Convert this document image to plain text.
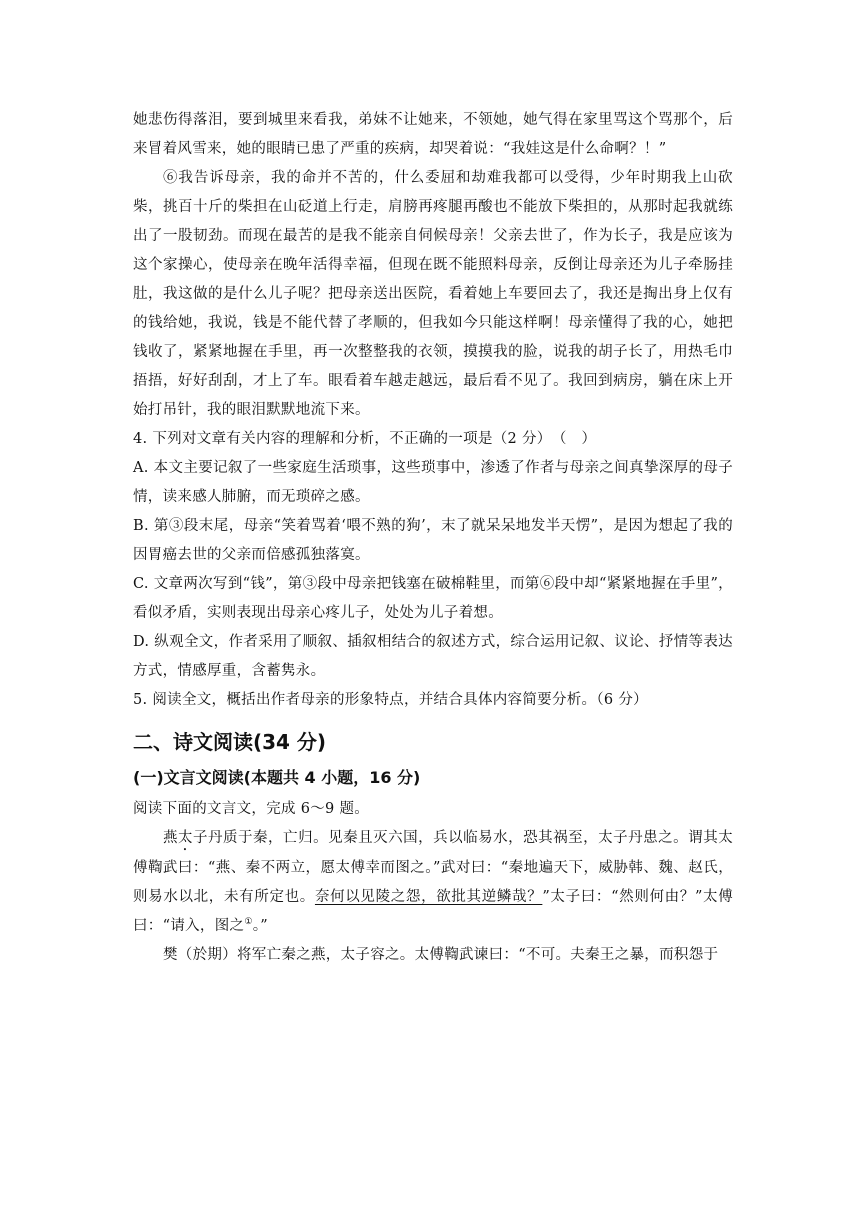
她悲伤得落泪，要到城里来看我，弟妹不让她来，不领她，她气得在家里骂这个骂那个，后来冒着风雪来，她的眼睛已患了严重的疾病，却哭着说：“我娃这是什么命啊？！”

⑥我告诉母亲，我的命并不苦的，什么委屈和劫难我都可以受得，少年时期我上山砍柴，挑百十斤的柴担在山砭道上行走，肩膀再疼腿再酸也不能放下柴担的，从那时起我就练出了一股韧劲。而现在最苦的是我不能亲自伺候母亲！父亲去世了，作为长子，我是应该为这个家操心，使母亲在晚年活得幸福，但现在既不能照料母亲，反倒让母亲还为儿子牵肠挂肚，我这做的是什么儿子呢？把母亲送出医院，看着她上车要回去了，我还是掏出身上仅有的钱给她，我说，钱是不能代替了孝顺的，但我如今只能这样啊！母亲懂得了我的心，她把钱收了，紧紧地握在手里，再一次整整我的衣领，摸摸我的脸，说我的胡子长了，用热毛巾捂捂，好好刮刮，才上了车。眼看着车越走越远，最后看不见了。我回到病房，躺在床上开始打吊针，我的眼泪默默地流下来。

4. 下列对文章有关内容的理解和分析，不正确的一项是（2 分）　（　）

A. 本文主要记叙了一些家庭生活琐事，这些琐事中，渗透了作者与母亲之间真挚深厚的母子情，读来感人肺腑，而无琐碎之感。

B. 第③段末尾，母亲“笑着骂着‘喂不熟的狗’，末了就呆呆地发半天愣”，是因为想起了我的因胃癌去世的父亲而倍感孤独落寞。

C. 文章两次写到“钱”，第③段中母亲把钱塞在破棉鞋里，而第⑥段中却“紧紧地握在手里”，看似矛盾，实则表现出母亲心疼儿子，处处为儿子着想。

D. 纵观全文，作者采用了顺叙、插叙相结合的叙述方式，综合运用记叙、议论、抒情等表达方式，情感厚重，含蓄隽永。

5. 阅读全文，概括出作者母亲的形象特点，并结合具体内容简要分析。（6 分）

二、诗文阅读(34 分)
(一)文言文阅读(本题共 4 小题，16 分)

阅读下面的文言文，完成 6～9 题。

燕太子丹质于秦，亡归。见秦且灭六国，兵以临易水，恐其祸至，太子丹患之。谓其太傅鞫武曰：“燕、秦不两立，愿太傅幸而图之。”武对曰：“秦地遍天下，威胁韩、魏、赵氏，则易水以北，未有所定也。奈何以见陵之怨，欲批其逆鳞哉？”太子曰：“然则何由？”太傅曰：“请入，图之①。”

樊（於期）将军亡秦之燕，太子容之。太傅鞫武谏曰：“不可。夫秦王之暴，而积怨于
